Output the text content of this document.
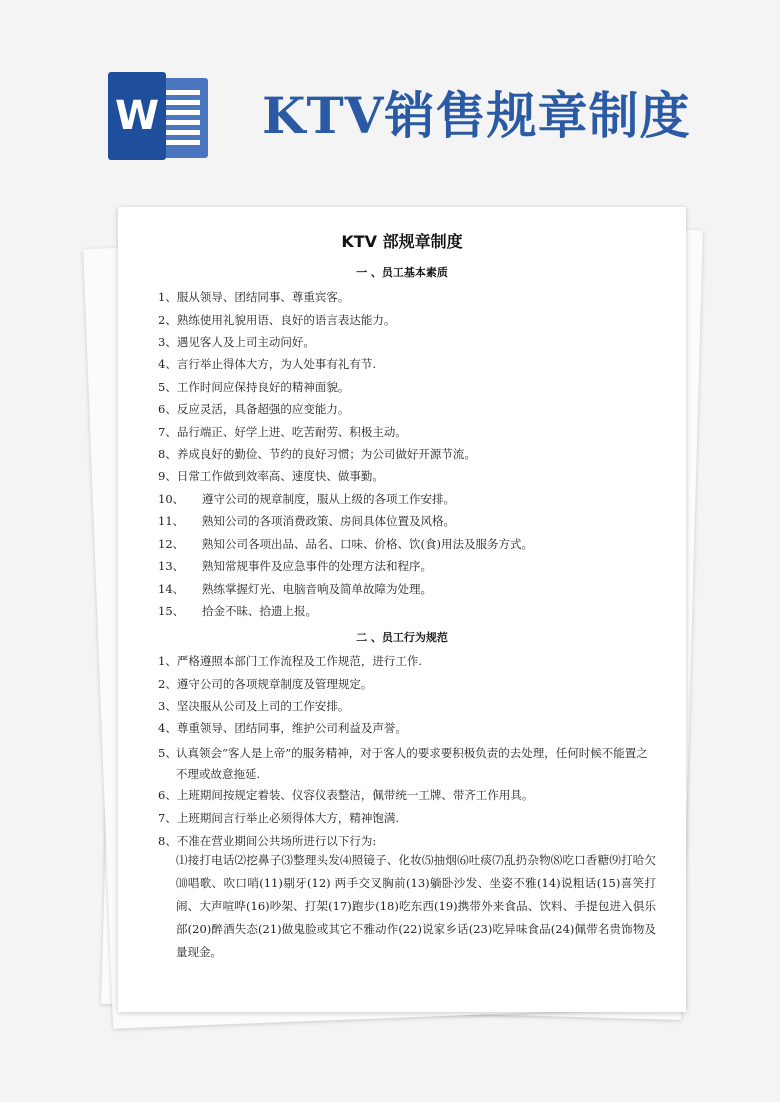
W KTV销售规章制度
KTV 部规章制度
一 、员工基本素质
1、服从领导、团结同事、尊重宾客。
2、熟练使用礼貌用语、良好的语言表达能力。
3、遇见客人及上司主动问好。
4、言行举止得体大方，为人处事有礼有节.
5、工作时间应保持良好的精神面貌。
6、反应灵活，具备超强的应变能力。
7、品行端正、好学上进、吃苦耐劳、积极主动。
8、养成良好的勤俭、节约的良好习惯；为公司做好开源节流。
9、日常工作做到效率高、速度快、做事勤。
10、 遵守公司的规章制度，服从上级的各项工作安排。
11、 熟知公司的各项消费政策、房间具体位置及风格。
12、 熟知公司各项出品、品名、口味、价格、饮(食)用法及服务方式。
13、 熟知常规事件及应急事件的处理方法和程序。
14、 熟练掌握灯光、电脑音响及简单故障为处理。
15、 拾金不昧、拾遗上报。
二 、员工行为规范
1、严格遵照本部门工作流程及工作规范，进行工作.
2、遵守公司的各项规章制度及管理规定。
3、坚决服从公司及上司的工作安排。
4、尊重领导、团结同事，维护公司利益及声誉。
5、 认真领会“客人是上帝”的服务精神，对于客人的要求要积极负责的去处理，任何时候不能置之不理或故意拖延.
6、上班期间按规定着装、仪容仪表整洁，佩带统一工牌、带齐工作用具。
7、上班期间言行举止必须得体大方，精神饱满.
8、不准在营业期间公共场所进行以下行为:
⑴接打电话⑵挖鼻子⑶整理头发⑷照镜子、化妆⑸抽烟⑹吐痰⑺乱扔杂物⑻吃口香糖⑼打哈欠⑽唱歌、吹口哨(11)剔牙(12) 两手交叉胸前(13)躺卧沙发、坐姿不雅(14)说粗话(15)喜笑打闹、大声喧哗(16)吵架、打架(17)跑步(18)吃东西(19)携带外来食品、饮料、手提包进入俱乐部(20)醉酒失态(21)做鬼脸或其它不雅动作(22)说家乡话(23)吃异味食品(24)佩带名贵饰物及量现金。
